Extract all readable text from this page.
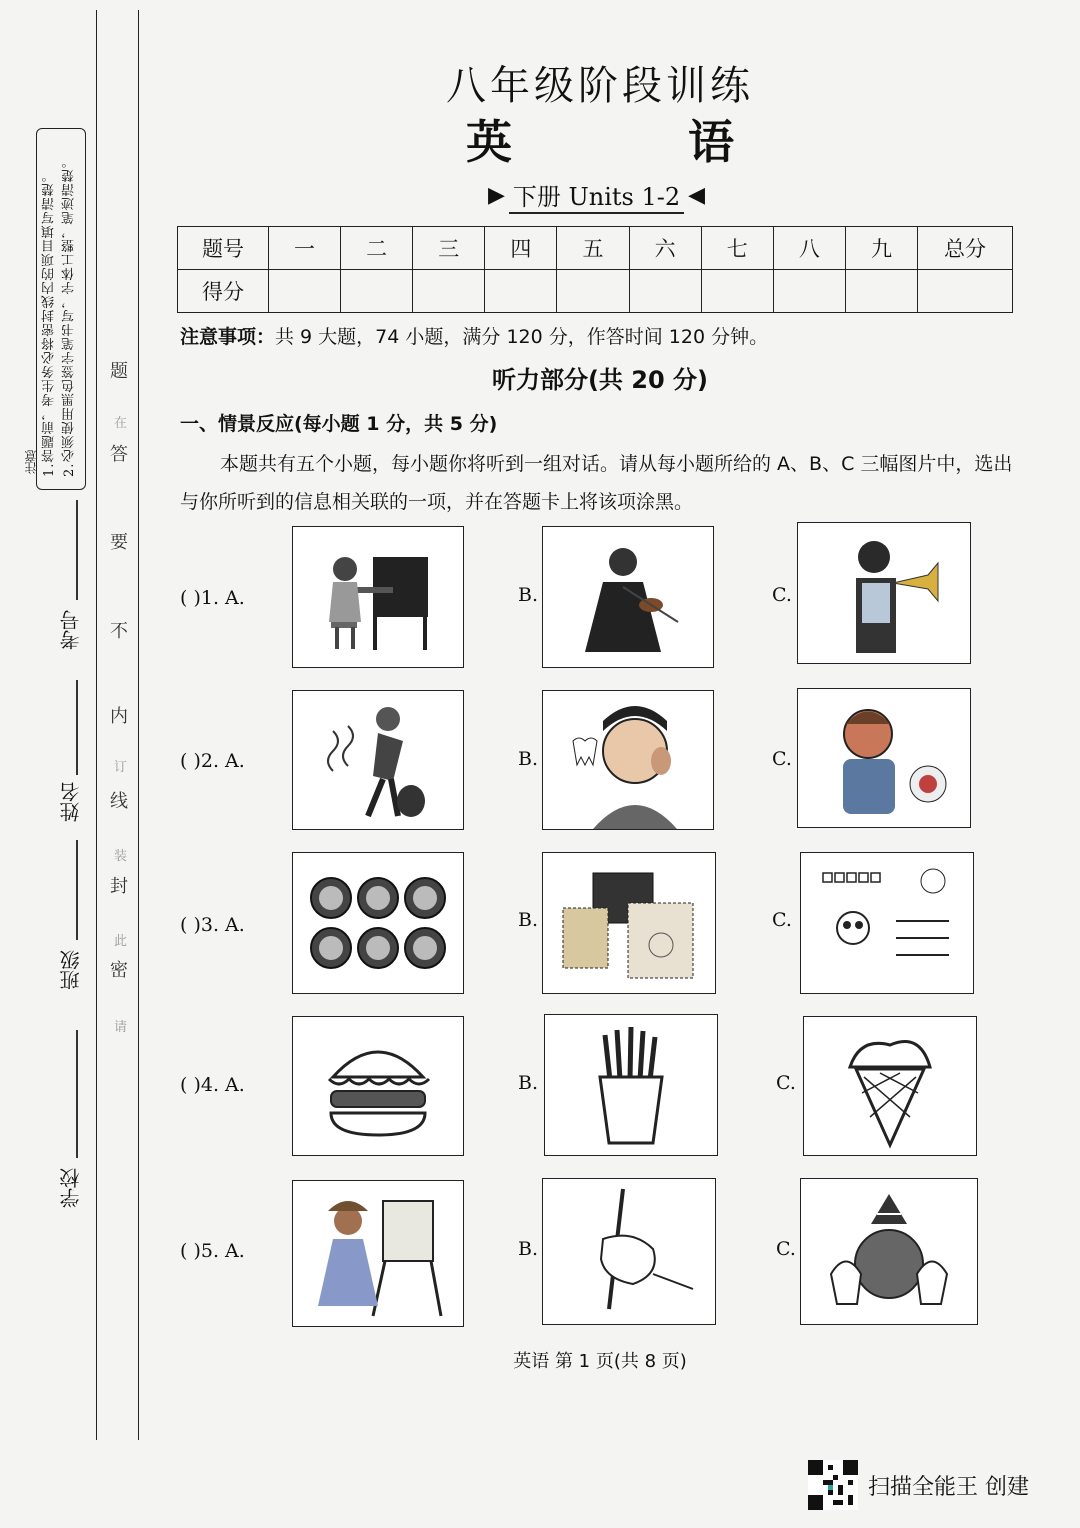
1.答题前，考生务必将密封线内的项目填写清楚。 2.必须使用黑色签字笔书写，字体工整，笔迹清楚。
注意
学校
班级
姓名
考号
题
答
要
不
内
线
封
密
在
订
装
此
请
八年级阶段训练
英 语
▶ 下册 Units 1-2 ◀
题号	一	二	三	四	五	六	七	八	九	总分
得分										
注意事项：共 9 大题，74 小题，满分 120 分，作答时间 120 分钟。
听力部分(共 20 分)
一、情景反应(每小题 1 分，共 5 分)
本题共有五个小题，每小题你将听到一组对话。请从每小题所给的 A、B、C 三幅图片中，选出与你所听到的信息相关联的一项，并在答题卡上将该项涂黑。
( )1. A.	B.	C.
( )2. A.	B.	C.
( )3. A.	B.	C.
( )4. A.	B.	C.
( )5. A.	B.	C.
英语 第 1 页(共 8 页)
扫描全能王 创建
